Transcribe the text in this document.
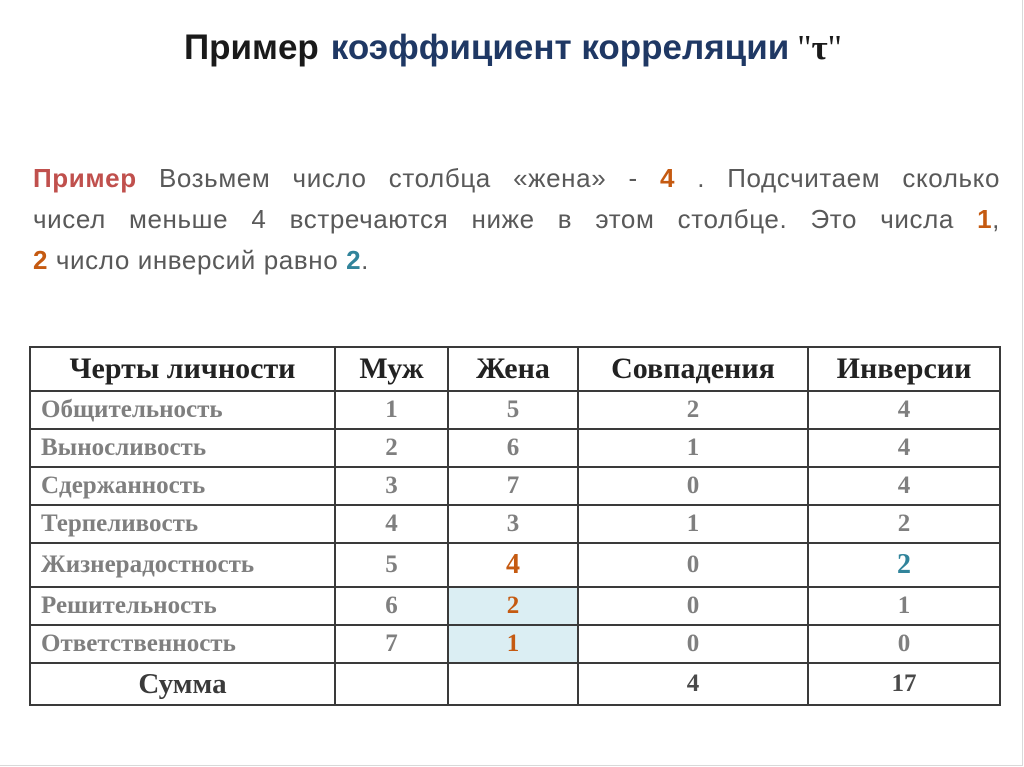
Пример коэффициент корреляции "τ"
Пример Возьмем число столбца «жена» - 4 . Подсчитаем сколько
чисел меньше 4 встречаются ниже в этом столбце. Это числа 1,
2 число инверсий равно 2.
Черты личности	Муж	Жена	Совпадения	Инверсии
Общительность	1	5	2	4
Выносливость	2	6	1	4
Сдержанность	3	7	0	4
Терпеливость	4	3	1	2
Жизнерадостность	5	4	0	2
Решительность	6	2	0	1
Ответственность	7	1	0	0
Сумма			4	17
